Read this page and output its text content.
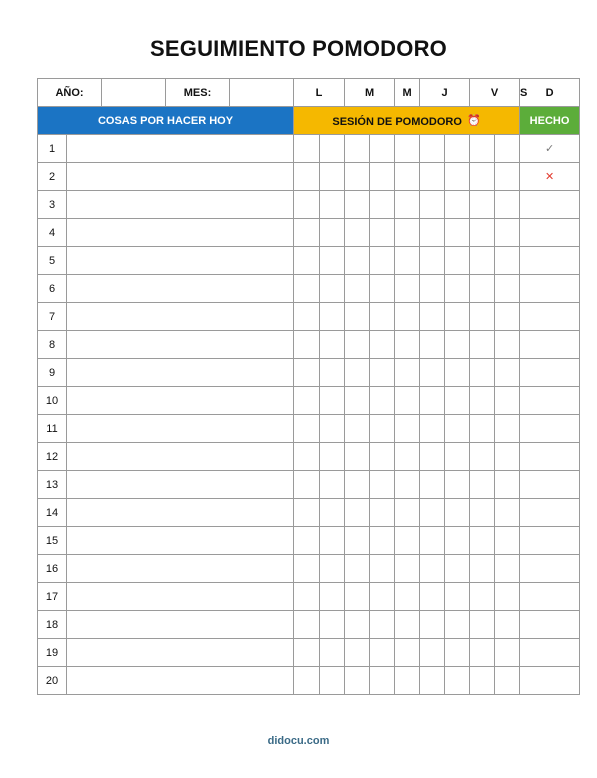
SEGUIMIENTO POMODORO
AÑO:			MES:			L		M		M	J		V		S	D
COSAS POR HACER HOY					SESIÓN DE POMODORO ⏰									HECHO
1														✓
2														✕
3														
4														
5														
6														
7														
8														
9														
10														
11														
12														
13														
14														
15														
16														
17														
18														
19														
20														
didocu.com
